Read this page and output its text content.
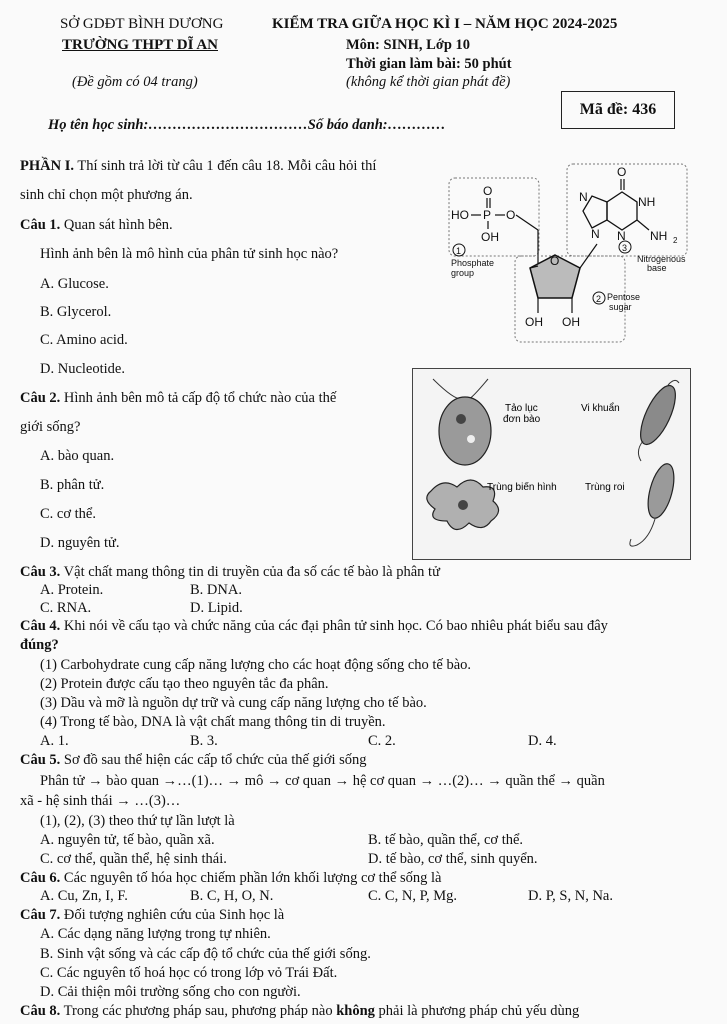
SỞ GDĐT BÌNH DƯƠNG
TRƯỜNG THPT DĨ AN
(Đề gồm có 04 trang)
KIỂM TRA GIỮA HỌC KÌ I – NĂM HỌC 2024-2025
Môn: SINH, Lớp 10
Thời gian làm bài: 50 phút
(không kể thời gian phát đề)
Họ tên học sinh:……………………………Số báo danh:…………
Mã đề: 436
PHẦN I. Thí sinh trả lời từ câu 1 đến câu 18. Mỗi câu hỏi thí
sinh chỉ chọn một phương án.
Câu 1. Quan sát hình bên.
Hình ảnh bên là mô hình của phân tử sinh học nào?
A. Glucose.
B. Glycerol.
C. Amino acid.
D. Nucleotide.
O
HO P O
OH
1
Phosphate
group
O
OH OH
2 Pentose
sugar
O
N	NH
N
N	NH 2
3
Nitrogenous
base
Câu 2. Hình ảnh bên mô tả cấp độ tổ chức nào của thế
giới sống?
A. bào quan.
B. phân tử.
C. cơ thể.
D. nguyên tử.
Tảo lục
đơn bào
Vi khuẩn
Trùng biến hình	Trùng roi
Câu 3. Vật chất mang thông tin di truyền của đa số các tế bào là phân tử
A. Protein.	B. DNA.
C. RNA.	D. Lipid.
Câu 4. Khi nói về cấu tạo và chức năng của các đại phân tử sinh học. Có bao nhiêu phát biểu sau đây
đúng?
(1) Carbohydrate cung cấp năng lượng cho các hoạt động sống cho tế bào.
(2) Protein được cấu tạo theo nguyên tắc đa phân.
(3) Dầu và mỡ là nguồn dự trữ và cung cấp năng lượng cho tế bào.
(4) Trong tế bào, DNA là vật chất mang thông tin di truyền.
A. 1.	B. 3.	C. 2.	D. 4.
Câu 5. Sơ đồ sau thể hiện các cấp tổ chức của thế giới sống
Phân tử → bào quan →…(1)… → mô → cơ quan → hệ cơ quan → …(2)… → quần thể → quần
xã - hệ sinh thái → …(3)…
(1), (2), (3) theo thứ tự lần lượt là
A. nguyên tử, tế bào, quần xã.	B. tế bào, quần thể, cơ thể.
C. cơ thể, quần thể, hệ sinh thái.	D. tế bào, cơ thể, sinh quyển.
Câu 6. Các nguyên tố hóa học chiếm phần lớn khối lượng cơ thể sống là
A. Cu, Zn, I, F.	B. C, H, O, N.	C. C, N, P, Mg.	D. P, S, N, Na.
Câu 7. Đối tượng nghiên cứu của Sinh học là
A. Các dạng năng lượng trong tự nhiên.
B. Sinh vật sống và các cấp độ tổ chức của thế giới sống.
C. Các nguyên tố hoá học có trong lớp vỏ Trái Đất.
D. Cải thiện môi trường sống cho con người.
Câu 8. Trong các phương pháp sau, phương pháp nào không phải là phương pháp chủ yếu dùng
